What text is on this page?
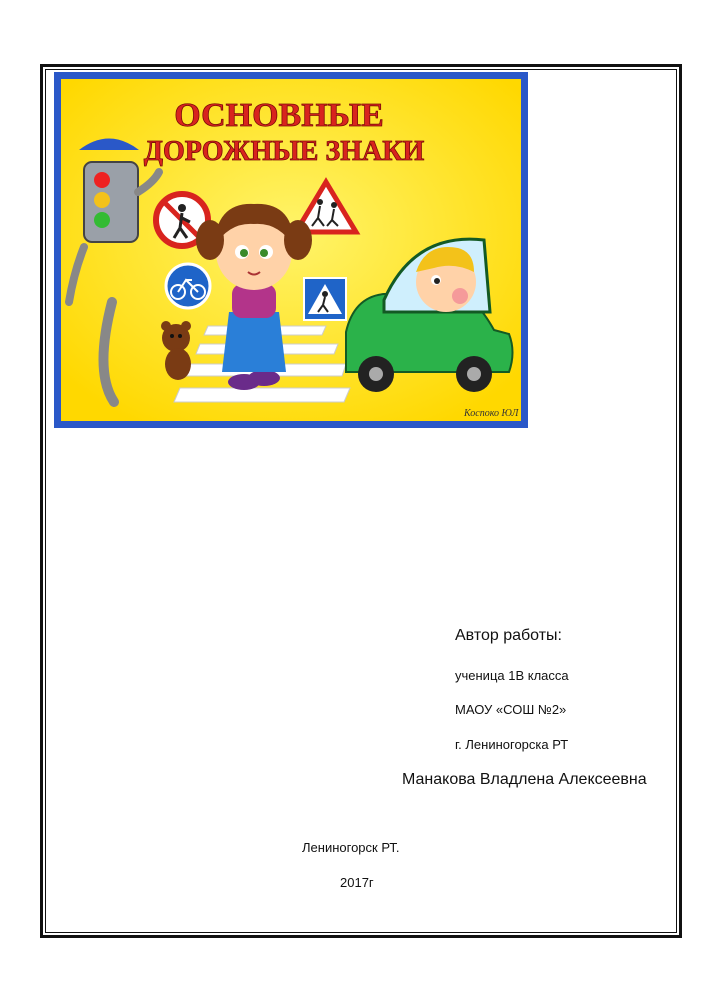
ОСНОВНЫЕ
ДОРОЖНЫЕ ЗНАКИ
Коспоко ЮЛ
Автор работы:
ученица 1В класса
МАОУ «СОШ №2»
г. Лениногорска РТ
Манакова Владлена Алексеевна
Лениногорск РТ.
2017г
